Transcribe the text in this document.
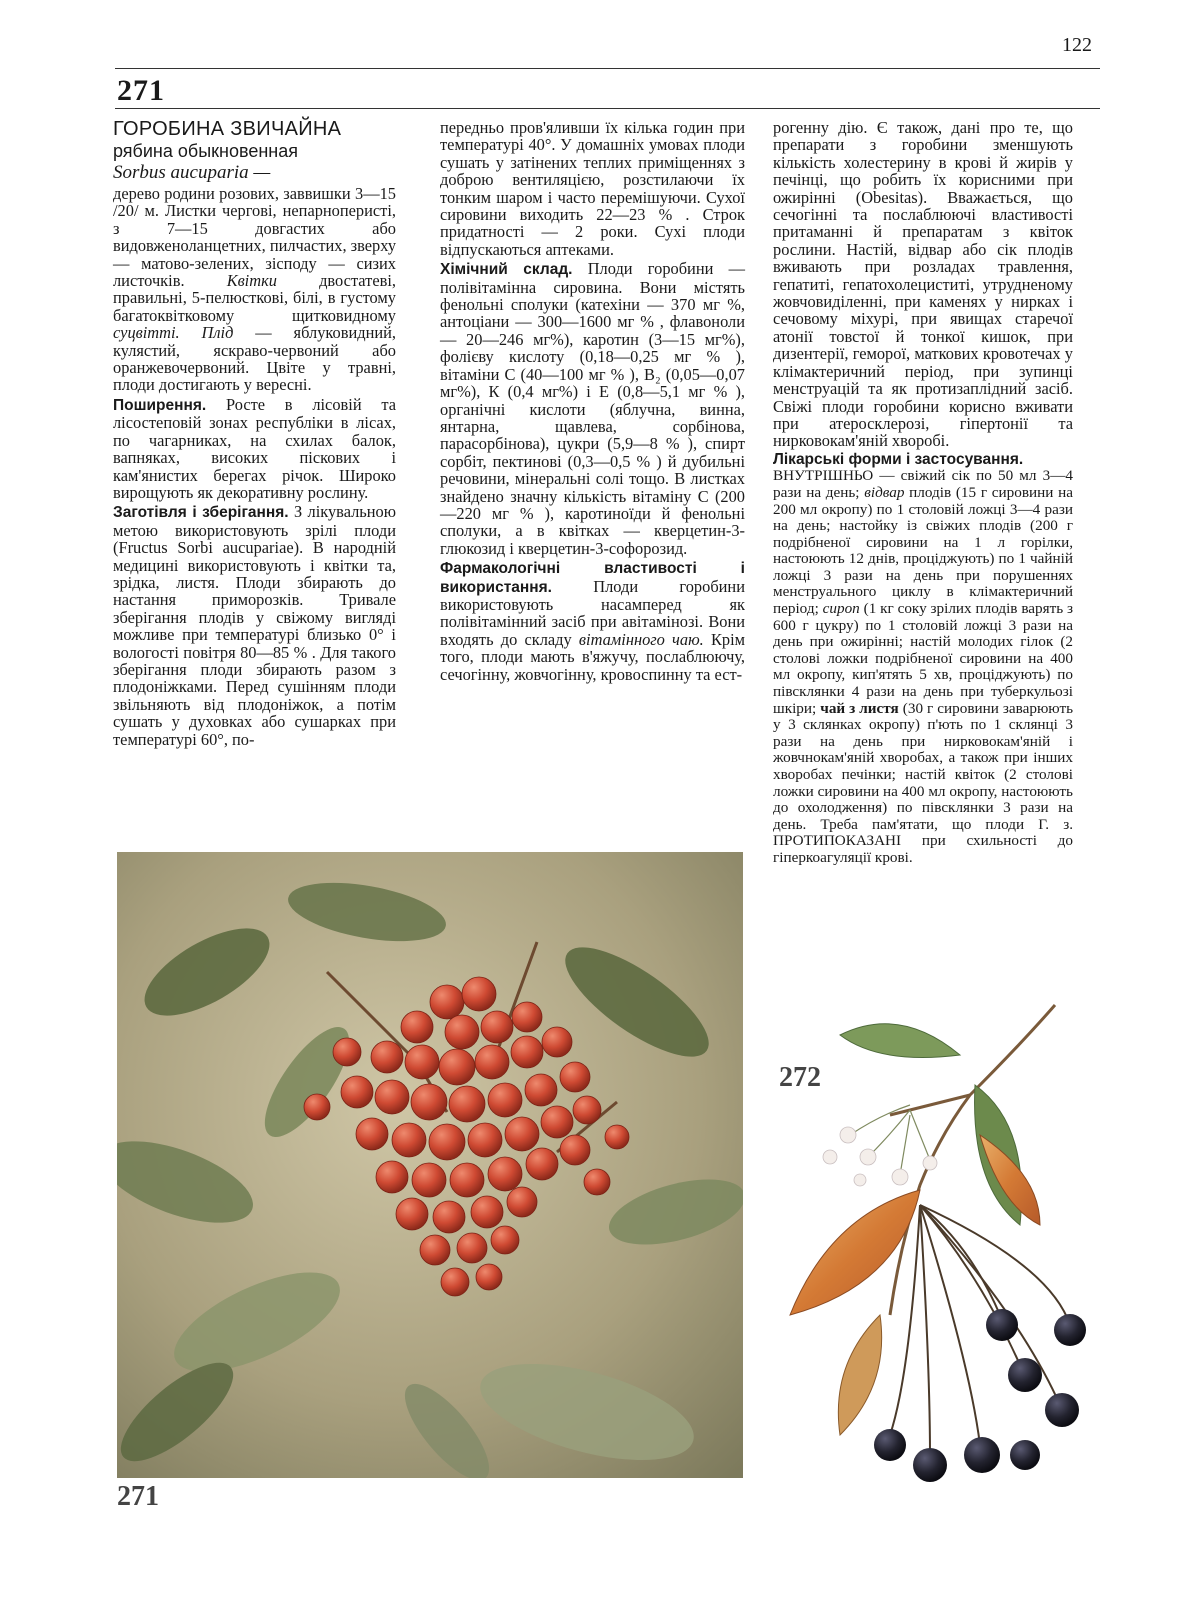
122
271

ГОРОБИНА ЗВИЧАЙНА

рябина обыкновенная

Sorbus aucuparia —

дерево родини розових, заввишки 3—15 /20/ м. Листки чергові, непарноперисті, з 7—15 довгастих або видовженоланцетних, пилчастих, зверху — матово-зелених, зісподу — сизих листочків.	Квітки	двостатеві, правильні, 5-пелюсткові, білі, в густому багатоквітковому щитковидному суцвітті. Плід — яблуковидний, кулястий, яскраво-червоний або оранжевочервоний. Цвіте у травні, плоди достигають у вересні.

Поширення. Росте в лісовій та лісостеповій зонах республіки в лісах, по чагарниках, на схилах балок, вапняках, високих піскових і кам'янистих берегах річок. Широко вирощують як декоративну рослину.

Заготівля і зберігання. З лікувальною метою використовують зрілі плоди (Fructus Sorbi aucupariae). В народній медицині використовують і квітки та, зрідка, листя. Плоди збирають до настання приморозків. Тривале зберігання плодів у свіжому вигляді можливе при температурі близько 0° і вологості повітря 80—85 % . Для такого зберігання плоди збирають разом з плодоніжками. Перед сушінням плоди звільняють від плодоніжок, а потім сушать у духовках або сушарках при температурі 60°, по-

передньо пров'яливши їх кілька годин при температурі 40°. У домашніх умовах плоди сушать у затінених теплих приміщеннях з доброю вентиляцією, розстилаючи їх тонким шаром і часто перемішуючи. Сухої сировини виходить 22—23 % . Строк придатності — 2 роки. Сухі плоди відпускаються аптеками.

Хімічний склад. Плоди горобини — полівітамінна сировина. Вони містять фенольні сполуки (катехіни — 370 мг %, антоціани — 300—1600 мг % , флавоноли — 20—246 мг%), каротин (3—15 мг%), фолієву кислоту (0,18—0,25 мг % ), вітаміни С (40—100 мг % ), В₂ (0,05—0,07 мг%), К (0,4 мг%) і Е (0,8—5,1 мг % ), органічні кислоти (яблучна, винна, янтарна, щавлева, сорбінова, парасорбінова), цукри (5,9—8 % ), спирт сорбіт, пектинові (0,3—0,5 % ) й дубильні речовини, мінеральні солі тощо. В листках знайдено значну кількість вітаміну С (200—220 мг % ), каротиноїди й фенольні сполуки, а в квітках — кверцетин-3-глюкозид і кверцетин-3-софорозид.

Фармакологічні властивості і використання.	Плоди горобини використовують насамперед як полівітамінний засіб при авітамінозі. Вони входять до складу вітамінного чаю. Крім того, плоди мають в'яжучу, послаблюючу, сечогінну, жовчогінну, кровоспинну та ест-

рогенну дію. Є також, дані про те, що препарати з горобини зменшують кількість холестерину в крові й жирів у печінці, що робить їх корисними при ожирінні (Obesitas). Вважається, що сечогінні та послаблюючі властивості притаманні й препаратам з квіток рослини. Настій, відвар або сік плодів вживають при розладах травлення, гепатиті, гепатохолециститі, утрудненому жовчовиділенні, при каменях у нирках і сечовому міхурі, при явищах старечої атонії товстої й тонкої кишок, при дизентерії, геморої, маткових кровотечах у клімактеричний період, при зупинці менструацій та як протизаплідний засіб. Свіжі плоди горобини корисно вживати при атеросклерозі, гіпертонії та нирковокам'яній хворобі.

Лікарські форми і застосування.
ВНУТРІШНЬО — свіжий сік по 50 мл 3—4 рази на день; відвар плодів (15 г сировини на 200 мл окропу) по 1 столовій ложці 3—4 рази на день; настойку із свіжих плодів (200 г подрібненої сировини на 1 л горілки, настоюють 12 днів, проціджують) по 1 чайній ложці 3 рази на день при порушеннях менструального циклу в клімактеричний період; сироп (1 кг соку зрілих плодів варять з 600 г цукру) по 1 столовій ложці 3 рази на день при ожирінні; настій молодих гілок (2 столові ложки подрібненої сировини на 400 мл окропу, кип'ятять 5 хв, проціджують) по півсклянки 4 рази на день при туберкульозі шкіри; чай з листя (30 г сировини заварюють у 3 склянках окропу) п'ють по 1 склянці 3 рази на день при нирковокам'яній і жовчнокам'яній хворобах, а також при інших хворобах печінки; настій квіток (2 столові ложки сировини на 400 мл окропу, настоюють до охолодження) по півсклянки 3 рази на день. Треба пам'ятати, що плоди Г. з. ПРОТИПОКАЗАНІ при схильності до гіперкоагуляції крові.

271
272
